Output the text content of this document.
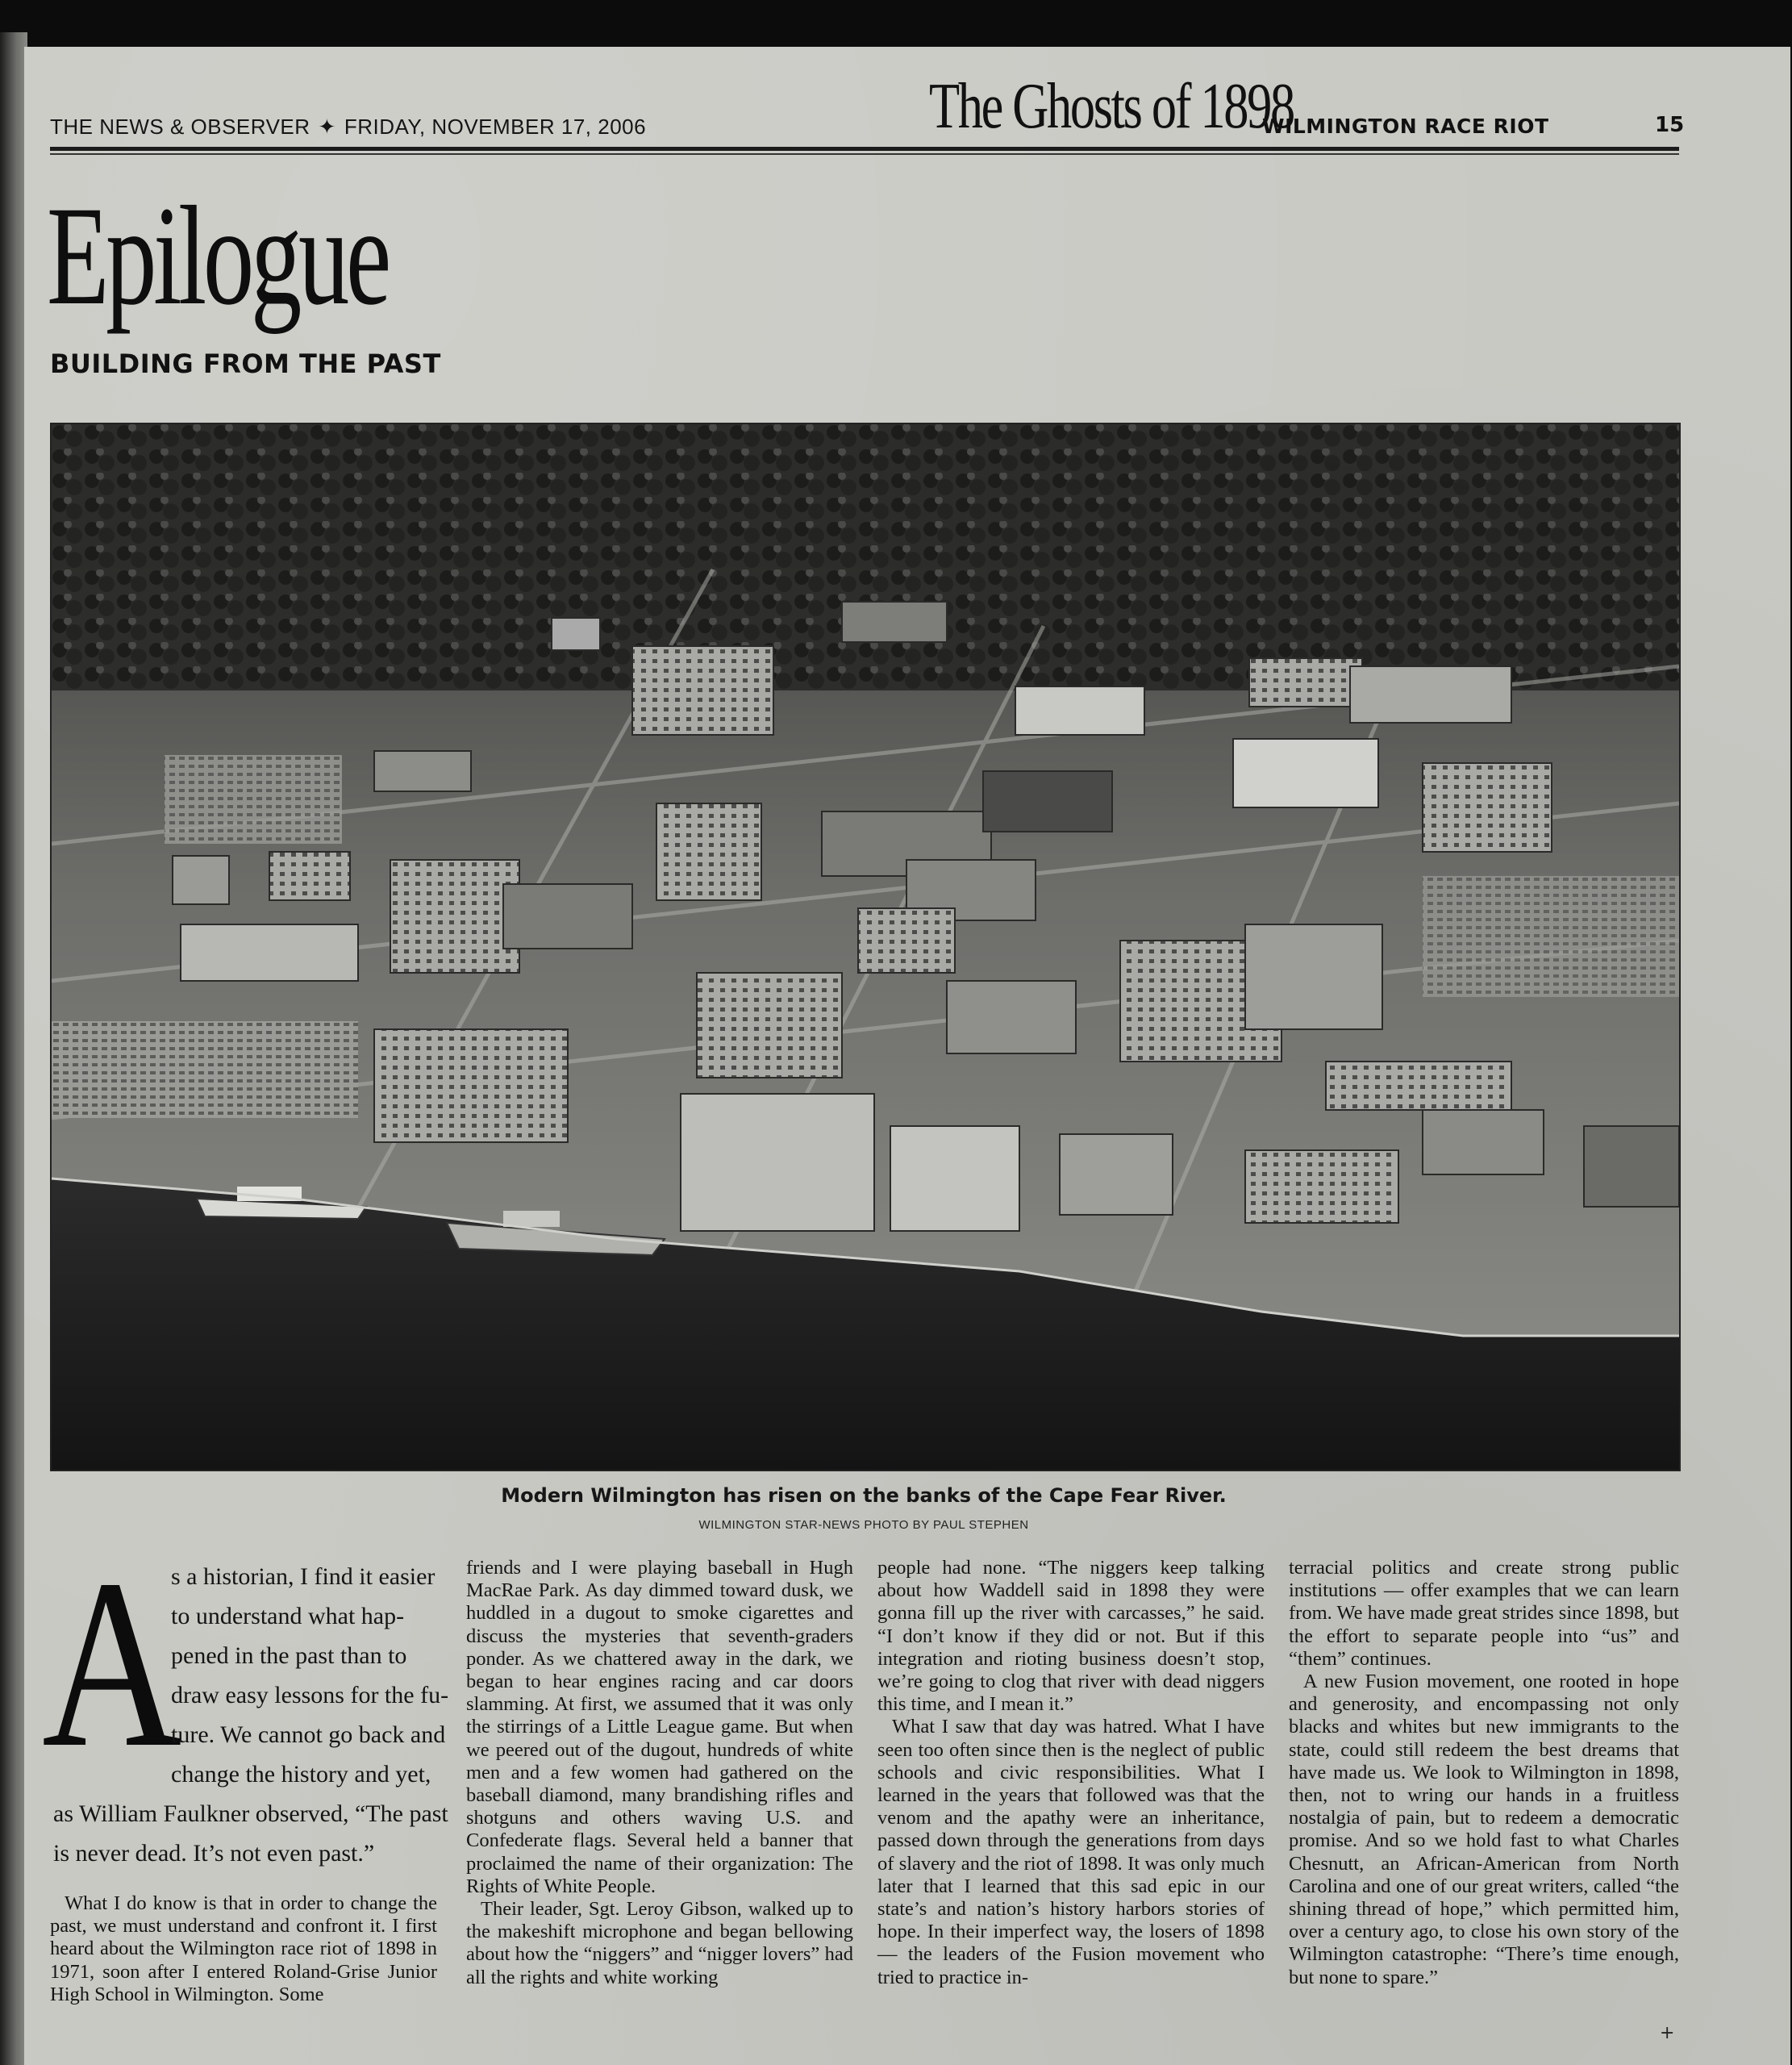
THE NEWS & OBSERVER ✦ FRIDAY, NOVEMBER 17, 2006	The Ghosts of 1898
WILMINGTON RACE RIOT	15
Epilogue
BUILDING FROM THE PAST
Modern Wilmington has risen on the banks of the Cape Fear River.
WILMINGTON STAR-NEWS PHOTO BY PAUL STEPHEN
A
s a historian, I find it easier
to understand what hap-
pened in the past than to
draw easy lessons for the fu-
ture. We cannot go back and
change the history and yet,
as William Faulkner observed, “The past
is never dead. It’s not even past.”

What I do know is that in order to change the past, we must understand and confront it. I first heard about the Wilmington race riot of 1898 in 1971, soon after I entered Roland-Grise Junior High School in Wilmington. Some

friends and I were playing baseball in Hugh MacRae Park. As day dimmed toward dusk, we huddled in a dugout to smoke cigarettes and discuss the mysteries that seventh-graders ponder. As we chattered away in the dark, we began to hear engines racing and car doors slamming. At first, we assumed that it was only the stirrings of a Little League game. But when we peered out of the dugout, hundreds of white men and a few women had gathered on the baseball diamond, many brandishing rifles and shotguns and others waving U.S. and Confederate flags. Several held a banner that proclaimed the name of their organization: The Rights of White People.

Their leader, Sgt. Leroy Gibson, walked up to the makeshift microphone and began bellowing about how the “niggers” and “nigger lovers” had all the rights and white working

people had none. “The niggers keep talking about how Waddell said in 1898 they were gonna fill up the river with carcasses,” he said. “I don’t know if they did or not. But if this integration and rioting business doesn’t stop, we’re going to clog that river with dead niggers this time, and I mean it.”

What I saw that day was hatred. What I have seen too often since then is the neglect of public schools and civic responsibilities. What I learned in the years that followed was that the venom and the apathy were an inheritance, passed down through the generations from days of slavery and the riot of 1898. It was only much later that I learned that this sad epic in our state’s and nation’s history harbors stories of hope. In their imperfect way, the losers of 1898 — the leaders of the Fusion movement who tried to practice in-

terracial politics and create strong public institutions — offer examples that we can learn from. We have made great strides since 1898, but the effort to separate people into “us” and “them” continues.

A new Fusion movement, one rooted in hope and generosity, and encompassing not only blacks and whites but new immigrants to the state, could still redeem the best dreams that have made us. We look to Wilmington in 1898, then, not to wring our hands in a fruitless nostalgia of pain, but to redeem a democratic promise. And so we hold fast to what Charles Chesnutt, an African-American from North Carolina and one of our great writers, called “the shining thread of hope,” which permitted him, over a century ago, to close his own story of the Wilmington catastrophe: “There’s time enough, but none to spare.”

+
